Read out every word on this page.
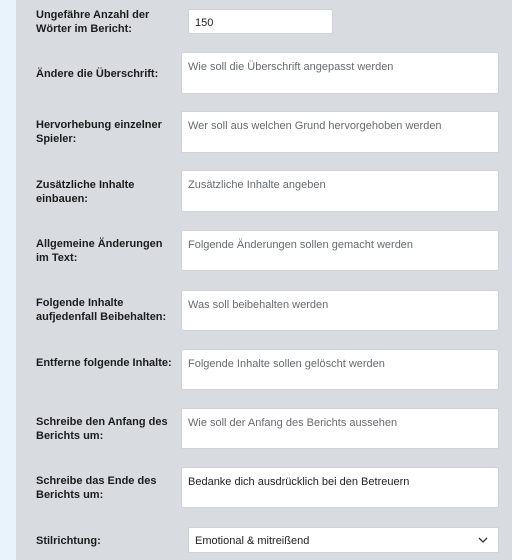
Ungefähre Anzahl der Wörter im Bericht:	150
Ändere die Überschrift:
Wie soll die Überschrift angepasst werden
Hervorhebung einzelner Spieler:
Wer soll aus welchen Grund hervorgehoben werden
Zusätzliche Inhalte einbauen:
Zusätzliche Inhalte angeben
Allgemeine Änderungen im Text:
Folgende Änderungen sollen gemacht werden
Folgende Inhalte aufjedenfall Beibehalten:
Was soll beibehalten werden
Entferne folgende Inhalte:	Folgende Inhalte sollen gelöscht werden
Schreibe den Anfang des Berichts um:
Wie soll der Anfang des Berichts aussehen
Schreibe das Ende des Berichts um:
Bedanke dich ausdrücklich bei den Betreuern
Stilrichtung:	Emotional & mitreißend
